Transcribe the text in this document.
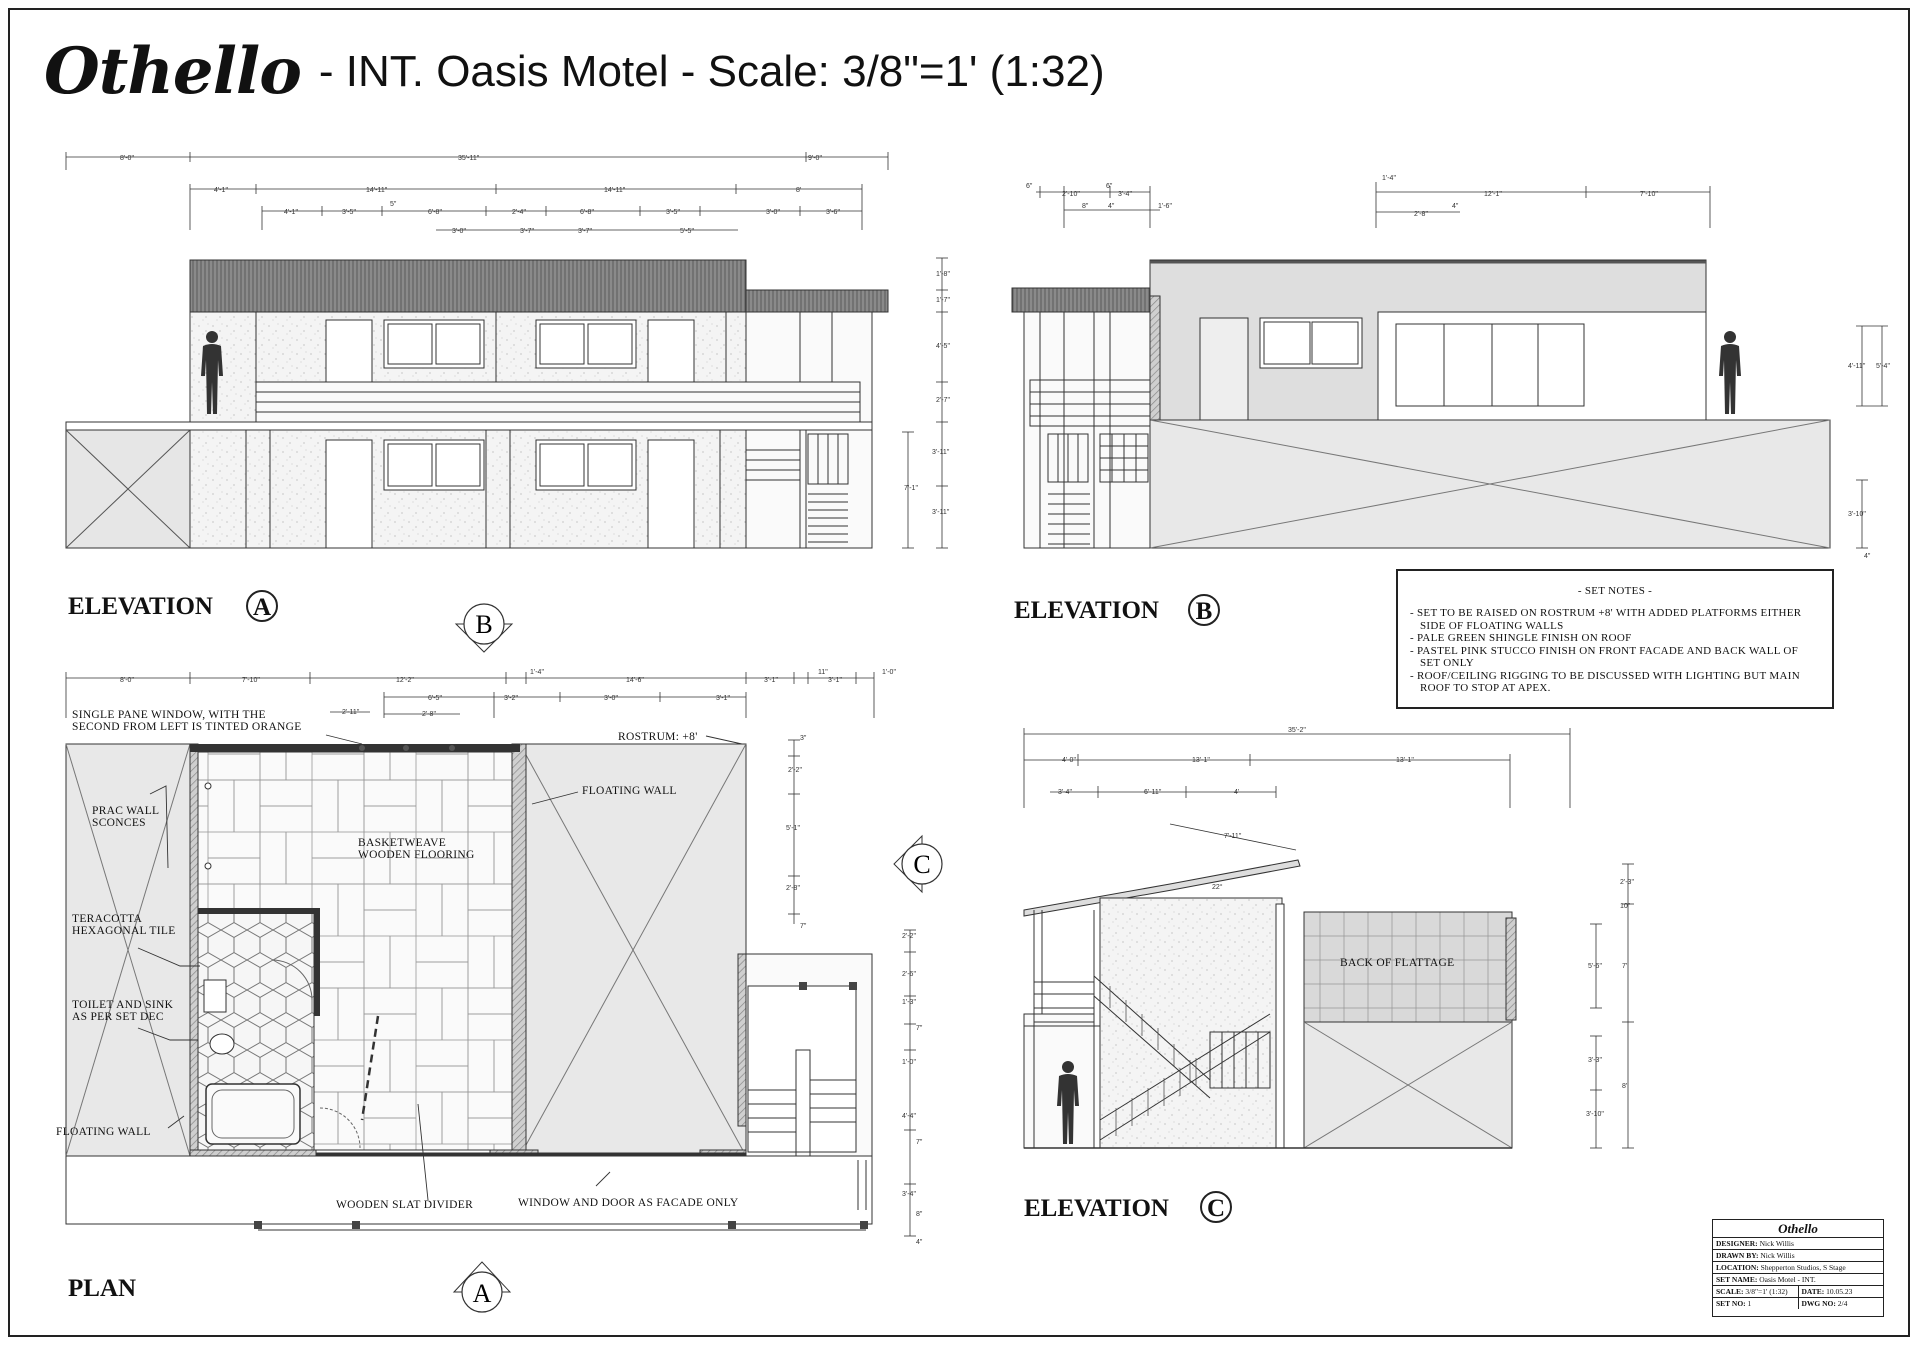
Othello - INT. Oasis Motel - Scale: 3/8"=1' (1:32)
8'-0"	35'-11"	9'-0"
4'-1"	14'-11"	14'-11"	8'
4'-1"	3'-5"
5"
6'-8"	2'-4"	6'-8"	3'-5"	3'-0"	3'-6"
3'-0"	3'-7"	3'-7"	5'-5"
1'-8"
1'-7"
4'-5"
2'-7"
3'-11"
3'-11"
7'-1"
ELEVATION A
6"
2'-10"
6"
3'-4"
8"	4"	1'-6"
1'-4"
12'-1"	7'-10"
2'-8"
4"
4'-11" 5'-4"
3'-10"
4"
ELEVATION B
B
C
A
8'-0"	7'-10"	12'-2"
1'-4"
14'-6"	3'-1"
11"
3'-1"
1'-0"
2'-11"
6'-5"	3'-2"	3'-0"	3'-1"
2'-8"
3"
2'-2"
5'-1"
2'-8"
7"
2'-2"
2'-6"
1'-3"
7"
1'-0"
4'-4"
7"
3'-4"
8"
4"
SINGLE PANE WINDOW, WITH THE
SECOND FROM LEFT IS TINTED ORANGE
ROSTRUM: +8'
FLOATING WALL
PRAC WALL
SCONCES
BASKETWEAVE
WOODEN FLOORING
TERACOTTA
HEXAGONAL TILE
TOILET AND SINK
AS PER SET DEC
FLOATING WALL
WOODEN SLAT DIVIDER	WINDOW AND DOOR AS FACADE ONLY
PLAN
35'-2"
4'-0"	13'-1"	13'-1"
3'-4"	6'-11"	4'
7'-11"
22°
2'-3"
10"
5'-6"	7'
3'-3"
8'
3'-10"
BACK OF FLATTAGE
ELEVATION C
- SET NOTES -
- SET TO BE RAISED ON ROSTRUM +8' WITH ADDED PLATFORMS EITHER SIDE OF FLOATING WALLS
- PALE GREEN SHINGLE FINISH ON ROOF
- PASTEL PINK STUCCO FINISH ON FRONT FACADE AND BACK WALL OF SET ONLY
- ROOF/CEILING RIGGING TO BE DISCUSSED WITH LIGHTING BUT MAIN ROOF TO STOP AT APEX.
Othello
DESIGNER: Nick Willis
DRAWN BY: Nick Willis
LOCATION: Shepperton Studios, S Stage
SET NAME: Oasis Motel - INT.
SCALE: 3/8"=1' (1:32)	DATE: 10.05.23
SET NO: 1	DWG NO: 2/4
